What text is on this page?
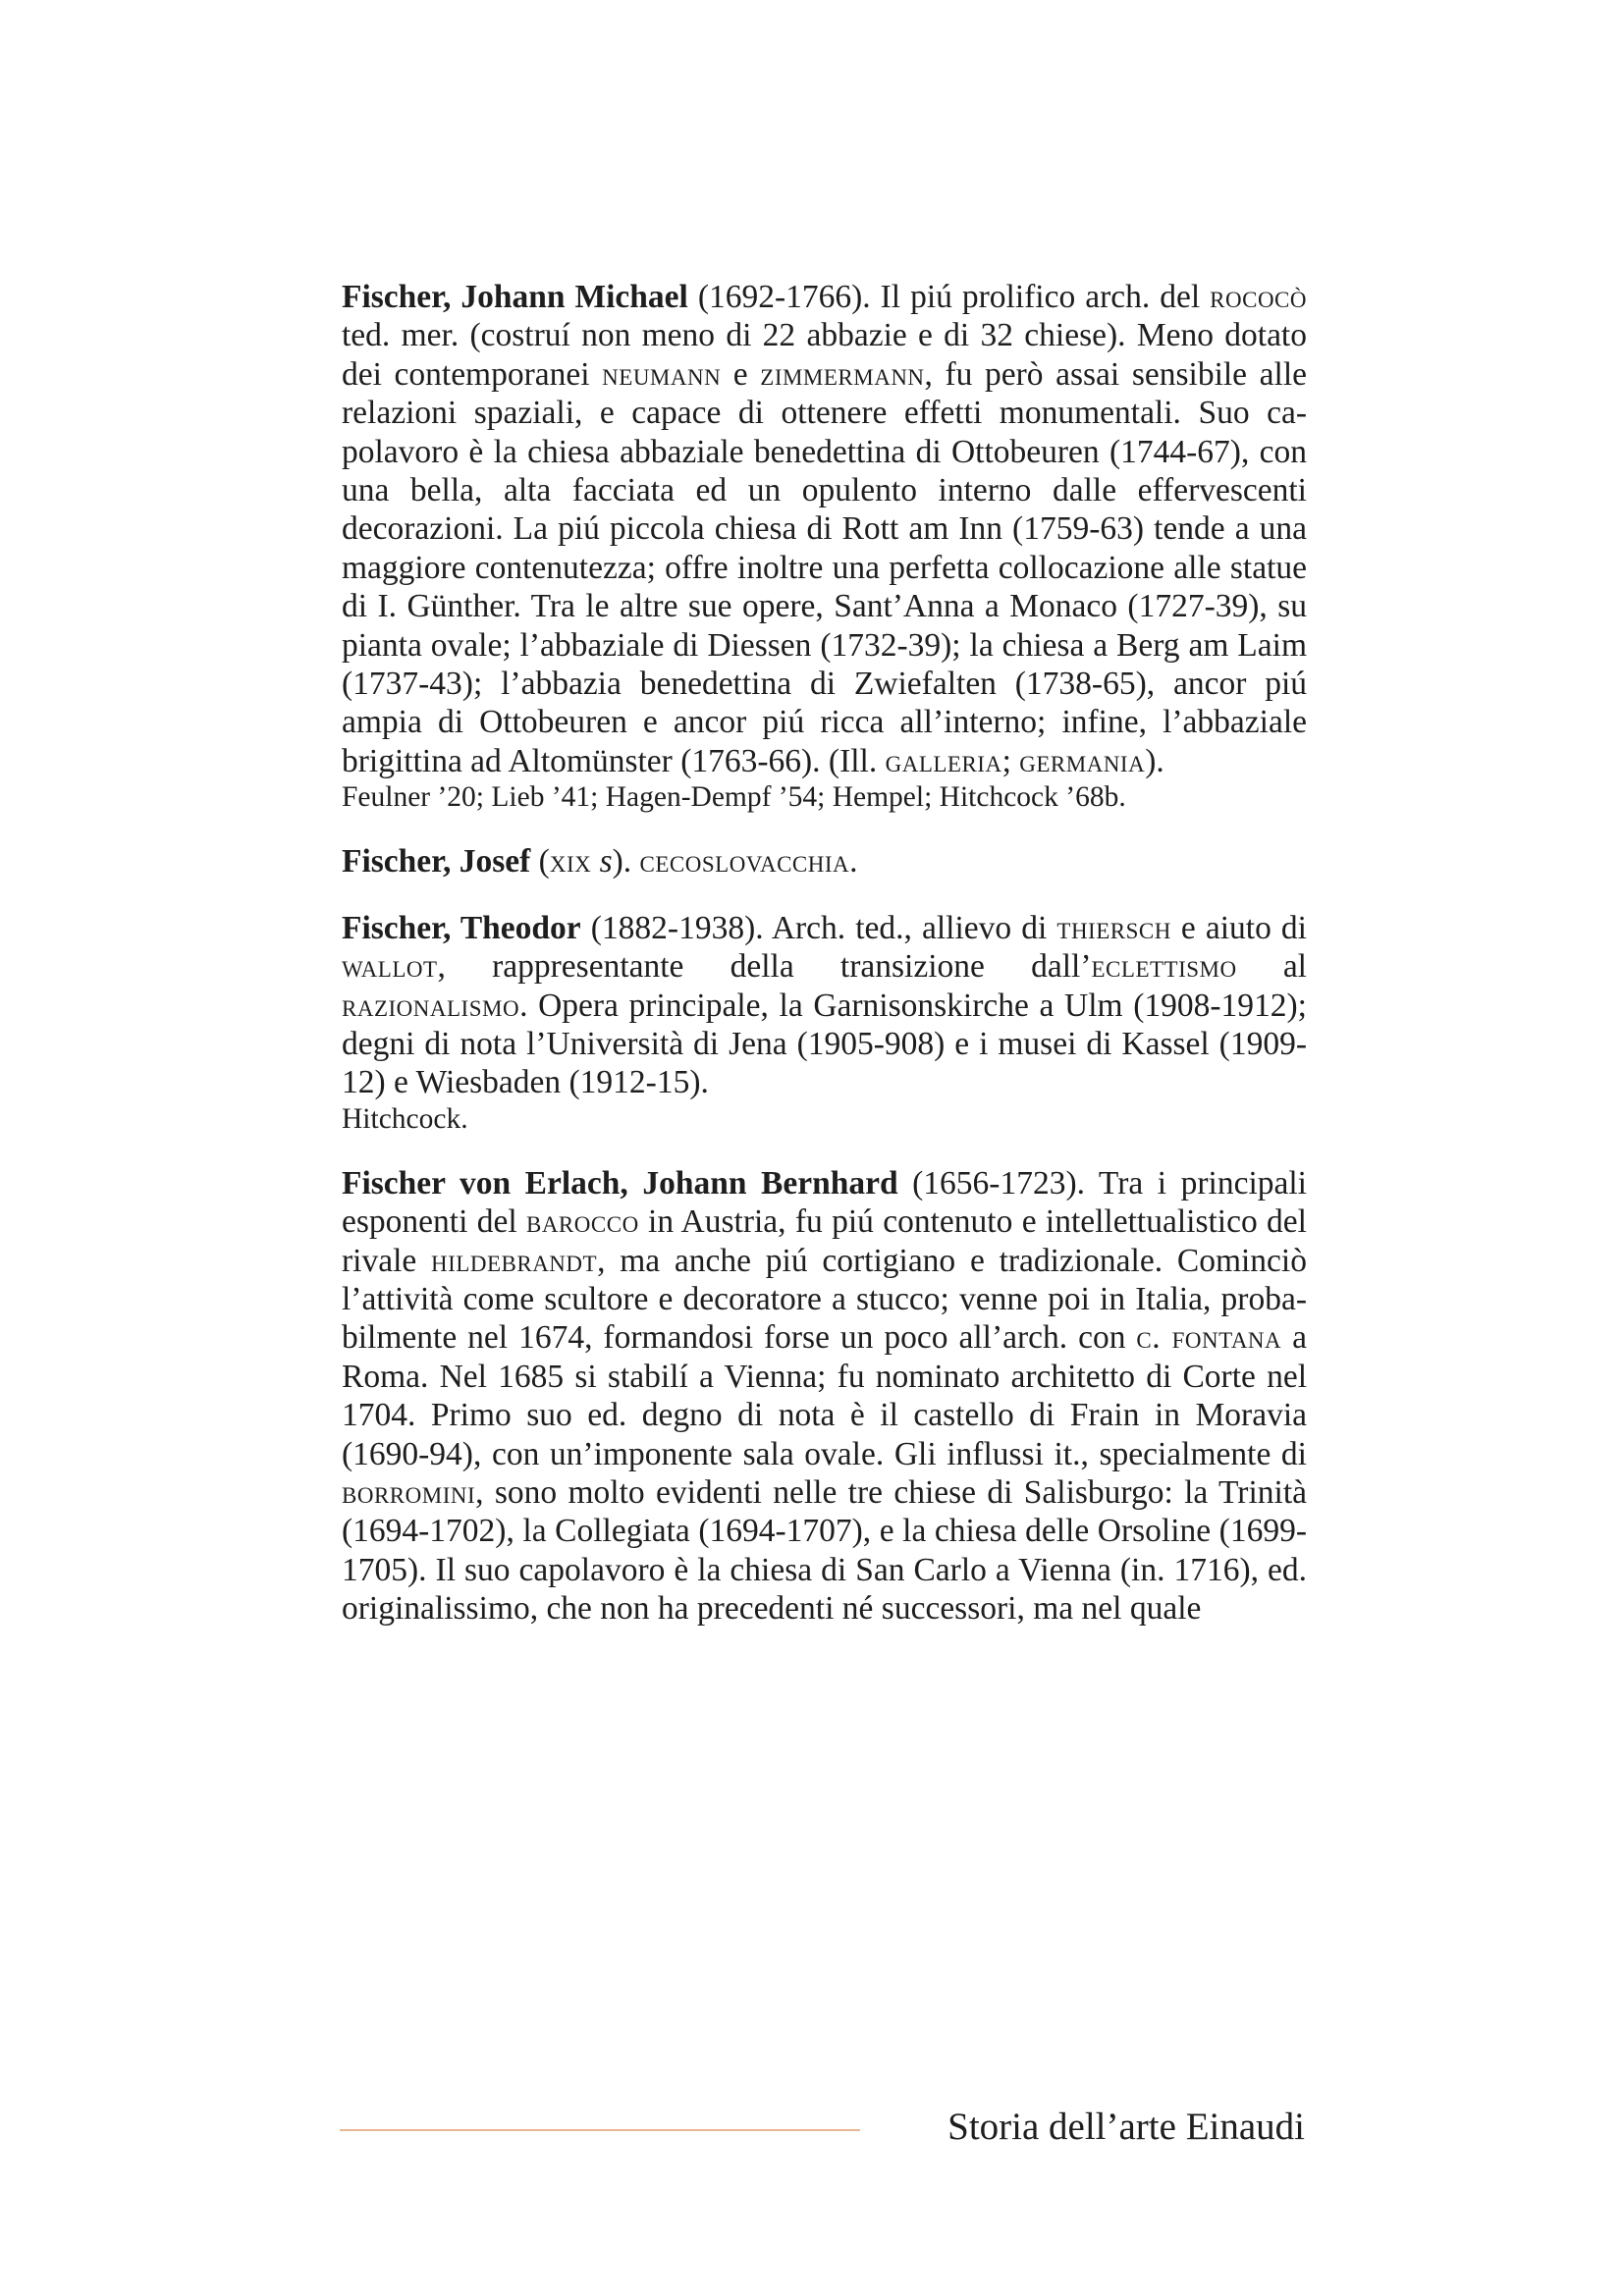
Fischer, Johann Michael (1692-1766). Il piú prolifico arch. del rococò ted. mer. (costruí non meno di 22 abbazie e di 32 chiese). Meno dotato dei contemporanei neumann e zimmermann, fu però assai sensibile alle relazioni spaziali, e capace di ottenere effetti monumentali. Suo capolavoro è la chiesa abbaziale benedettina di Ottobeuren (1744-67), con una bella, alta facciata ed un opulento interno dalle effervescenti decorazioni. La piú piccola chiesa di Rott am Inn (1759-63) tende a una maggiore contenutezza; offre inoltre una perfetta collocazione alle statue di I. Günther. Tra le altre sue opere, Sant’Anna a Monaco (1727-39), su pianta ovale; l’abbaziale di Diessen (1732-39); la chiesa a Berg am Laim (1737-43); l’abbazia benedettina di Zwiefalten (1738-65), ancor piú ampia di Ottobeuren e ancor piú ricca all’interno; infine, l’abbaziale brigittina ad Altomünster (1763-66). (Ill. galleria; germania).

Feulner ’20; Lieb ’41; Hagen-Dempf ’54; Hempel; Hitchcock ’68b.

Fischer, Josef (xix s). cecoslovacchia.

Fischer, Theodor (1882-1938). Arch. ted., allievo di thiersch e aiuto di wallot, rappresentante della transizione dall’eclettismo al razionalismo. Opera principale, la Garnisonskirche a Ulm (1908-1912); degni di nota l’Università di Jena (1905-908) e i musei di Kassel (1909-12) e Wiesbaden (1912-15).

Hitchcock.

Fischer von Erlach, Johann Bernhard (1656-1723). Tra i principali esponenti del barocco in Austria, fu piú contenuto e intellettualistico del rivale hildebrandt, ma anche piú cortigiano e tradizionale. Cominciò l’attività come scultore e decoratore a stucco; venne poi in Italia, probabilmente nel 1674, formandosi forse un poco all’arch. con c. fontana a Roma. Nel 1685 si stabilí a Vienna; fu nominato architetto di Corte nel 1704. Primo suo ed. degno di nota è il castello di Frain in Moravia (1690-94), con un’imponente sala ovale. Gli influssi it., specialmente di borromini, sono molto evidenti nelle tre chiese di Salisburgo: la Trinità (1694-1702), la Collegiata (1694-1707), e la chiesa delle Orsoline (1699-1705). Il suo capolavoro è la chiesa di San Carlo a Vienna (in. 1716), ed. originalissimo, che non ha precedenti né successori, ma nel quale

Storia dell’arte Einaudi
